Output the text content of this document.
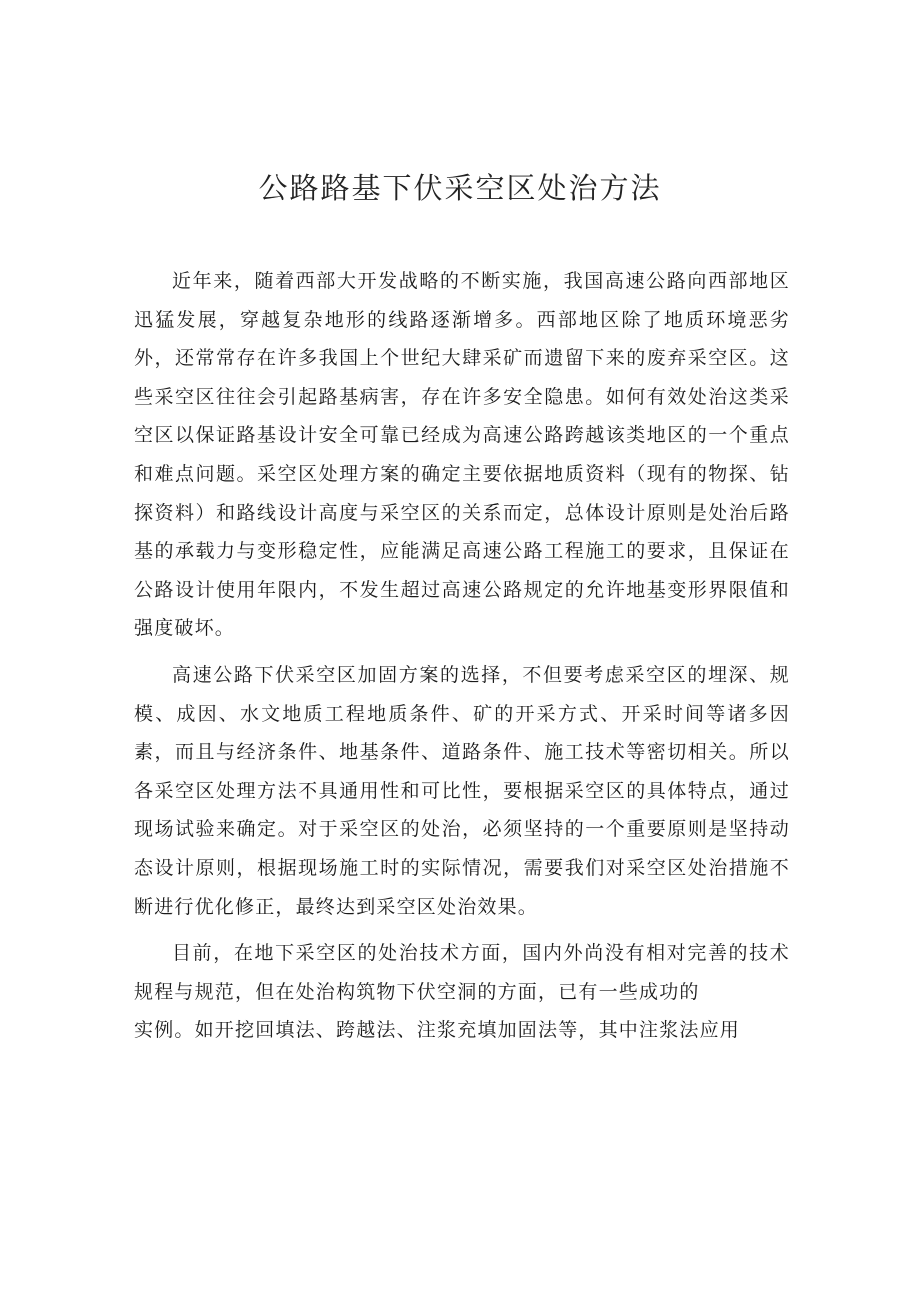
公路路基下伏采空区处治方法

近年来，随着西部大开发战略的不断实施，我国高速公路向西部地区迅猛发展，穿越复杂地形的线路逐渐增多。西部地区除了地质环境恶劣外，还常常存在许多我国上个世纪大肆采矿而遗留下来的废弃采空区。这些采空区往往会引起路基病害，存在许多安全隐患。如何有效处治这类采空区以保证路基设计安全可靠已经成为高速公路跨越该类地区的一个重点和难点问题。采空区处理方案的确定主要依据地质资料（现有的物探、钻探资料）和路线设计高度与采空区的关系而定，总体设计原则是处治后路基的承载力与变形稳定性，应能满足高速公路工程施工的要求，且保证在公路设计使用年限内，不发生超过高速公路规定的允许地基变形界限值和强度破坏。

高速公路下伏采空区加固方案的选择，不但要考虑采空区的埋深、规模、成因、水文地质工程地质条件、矿的开采方式、开采时间等诸多因素，而且与经济条件、地基条件、道路条件、施工技术等密切相关。所以各采空区处理方法不具通用性和可比性，要根据采空区的具体特点，通过现场试验来确定。对于采空区的处治，必须坚持的一个重要原则是坚持动态设计原则，根据现场施工时的实际情况，需要我们对采空区处治措施不断进行优化修正，最终达到采空区处治效果。

目前，在地下采空区的处治技术方面，国内外尚没有相对完善的技术规程与规范，但在处治构筑物下伏空洞的方面，已有一些成功的

实例。如开挖回填法、跨越法、注浆充填加固法等，其中注浆法应用
